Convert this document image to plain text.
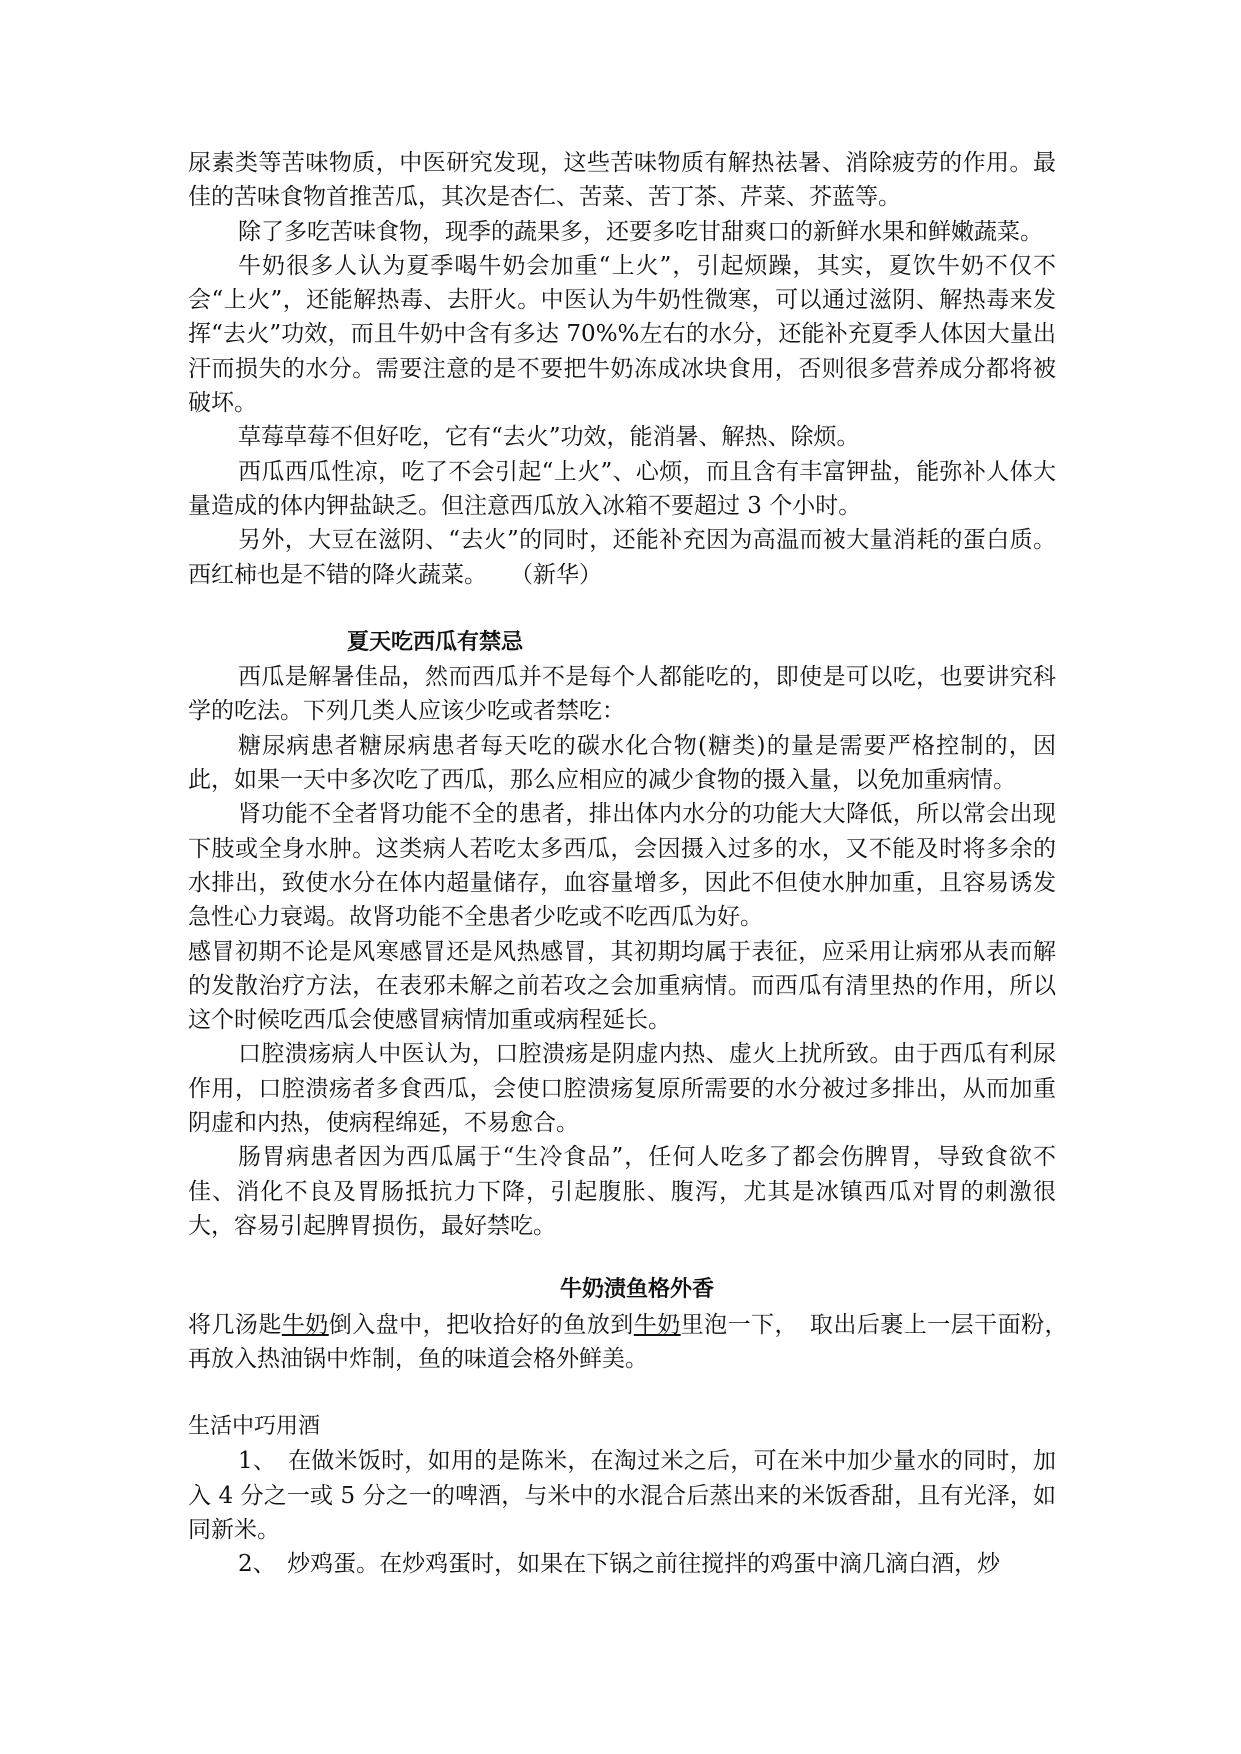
尿素类等苦味物质，中医研究发现，这些苦味物质有解热祛暑、消除疲劳的作用。最佳的苦味食物首推苦瓜，其次是杏仁、苦菜、苦丁茶、芹菜、芥蓝等。

除了多吃苦味食物，现季的蔬果多，还要多吃甘甜爽口的新鲜水果和鲜嫩蔬菜。

牛奶很多人认为夏季喝牛奶会加重“上火”，引起烦躁，其实，夏饮牛奶不仅不会“上火”，还能解热毒、去肝火。中医认为牛奶性微寒，可以通过滋阴、解热毒来发挥“去火”功效，而且牛奶中含有多达 70%%左右的水分，还能补充夏季人体因大量出汗而损失的水分。需要注意的是不要把牛奶冻成冰块食用，否则很多营养成分都将被破坏。

草莓草莓不但好吃，它有“去火”功效，能消暑、解热、除烦。

西瓜西瓜性凉，吃了不会引起“上火”、心烦，而且含有丰富钾盐，能弥补人体大量造成的体内钾盐缺乏。但注意西瓜放入冰箱不要超过 3 个小时。

另外，大豆在滋阴、“去火”的同时，还能补充因为高温而被大量消耗的蛋白质。西红柿也是不错的降火蔬菜。　　（新华）

夏天吃西瓜有禁忌

西瓜是解暑佳品，然而西瓜并不是每个人都能吃的，即使是可以吃，也要讲究科学的吃法。下列几类人应该少吃或者禁吃：

糖尿病患者糖尿病患者每天吃的碳水化合物(糖类)的量是需要严格控制的，因此，如果一天中多次吃了西瓜，那么应相应的减少食物的摄入量，以免加重病情。

肾功能不全者肾功能不全的患者，排出体内水分的功能大大降低，所以常会出现下肢或全身水肿。这类病人若吃太多西瓜，会因摄入过多的水，又不能及时将多余的水排出，致使水分在体内超量储存，血容量增多，因此不但使水肿加重，且容易诱发急性心力衰竭。故肾功能不全患者少吃或不吃西瓜为好。

感冒初期不论是风寒感冒还是风热感冒，其初期均属于表征，应采用让病邪从表而解的发散治疗方法，在表邪未解之前若攻之会加重病情。而西瓜有清里热的作用，所以这个时候吃西瓜会使感冒病情加重或病程延长。

口腔溃疡病人中医认为，口腔溃疡是阴虚内热、虚火上扰所致。由于西瓜有利尿作用，口腔溃疡者多食西瓜，会使口腔溃疡复原所需要的水分被过多排出，从而加重阴虚和内热，使病程绵延，不易愈合。

肠胃病患者因为西瓜属于“生冷食品”，任何人吃多了都会伤脾胃，导致食欲不佳、消化不良及胃肠抵抗力下降，引起腹胀、腹泻，尤其是冰镇西瓜对胃的刺激很大，容易引起脾胃损伤，最好禁吃。

牛奶渍鱼格外香

将几汤匙牛奶倒入盘中，把收拾好的鱼放到牛奶里泡一下，　取出后裹上一层干面粉，　再放入热油锅中炸制，鱼的味道会格外鲜美。

生活中巧用酒

1、　在做米饭时，如用的是陈米，在淘过米之后，可在米中加少量水的同时，加入 4 分之一或 5 分之一的啤酒，与米中的水混合后蒸出来的米饭香甜，且有光泽，如同新米。

2、　炒鸡蛋。在炒鸡蛋时，如果在下锅之前往搅拌的鸡蛋中滴几滴白酒，炒
